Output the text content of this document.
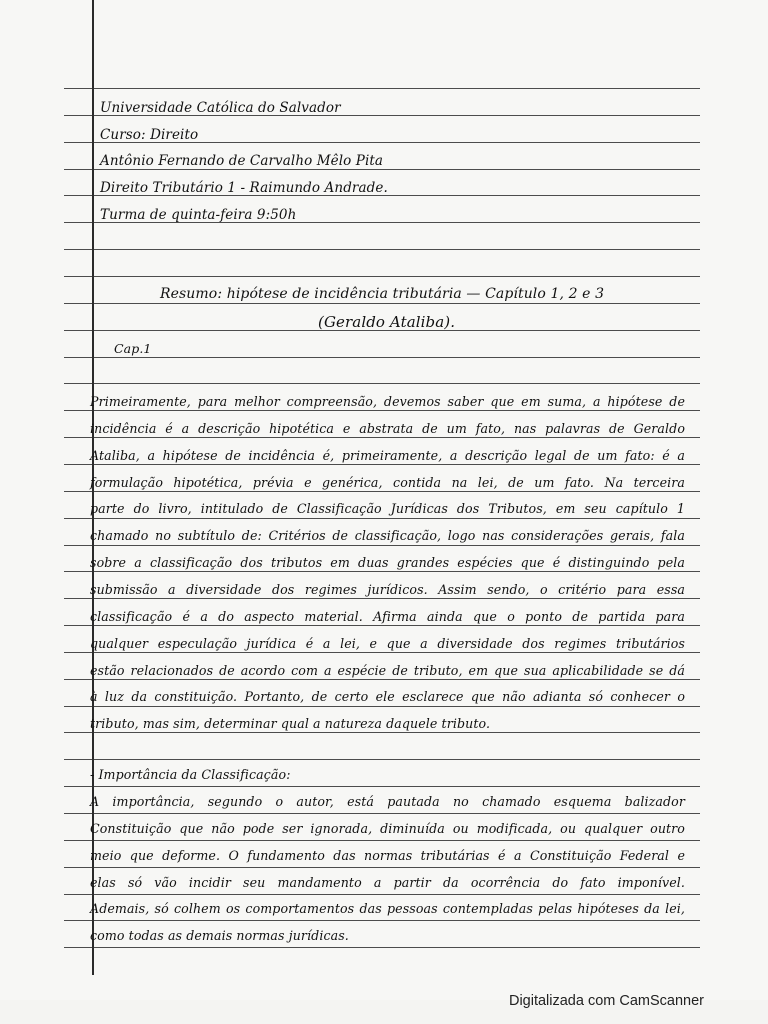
Universidade Católica do Salvador
Curso: Direito
Antônio Fernando de Carvalho Mêlo Pita
Direito Tributário 1 - Raimundo Andrade.
Turma de quinta-feira 9:50h
Resumo: hipótese de incidência tributária — Capítulo 1, 2 e 3
(Geraldo Ataliba).
Cap.1
Primeiramente, para melhor compreensão, devemos saber que em suma, a hipótese de
incidência é a descrição hipotética e abstrata de um fato, nas palavras de Geraldo
Ataliba, a hipótese de incidência é, primeiramente, a descrição legal de um fato: é a
formulação hipotética, prévia e genérica, contida na lei, de um fato. Na terceira
parte do livro, intitulado de Classificação Jurídicas dos Tributos, em seu capítulo 1
chamado no subtítulo de: Critérios de classificação, logo nas considerações gerais, fala
sobre a classificação dos tributos em duas grandes espécies que é distinguindo pela
submissão a diversidade dos regimes jurídicos. Assim sendo, o critério para essa
classificação é a do aspecto material. Afirma ainda que o ponto de partida para
qualquer especulação jurídica é a lei, e que a diversidade dos regimes tributários
estão relacionados de acordo com a espécie de tributo, em que sua aplicabilidade se dá
à luz da constituição. Portanto, de certo ele esclarece que não adianta só conhecer o
tributo, mas sim, determinar qual a natureza daquele tributo.
- Importância da Classificação:
A importância, segundo o autor, está pautada no chamado esquema balizador
Constituição que não pode ser ignorada, diminuída ou modificada, ou qualquer outro
meio que deforme. O fundamento das normas tributárias é a Constituição Federal e
elas só vão incidir seu mandamento a partir da ocorrência do fato imponível.
Ademais, só colhem os comportamentos das pessoas contempladas pelas hipóteses da lei,
como todas as demais normas jurídicas.
Digitalizada com CamScanner
